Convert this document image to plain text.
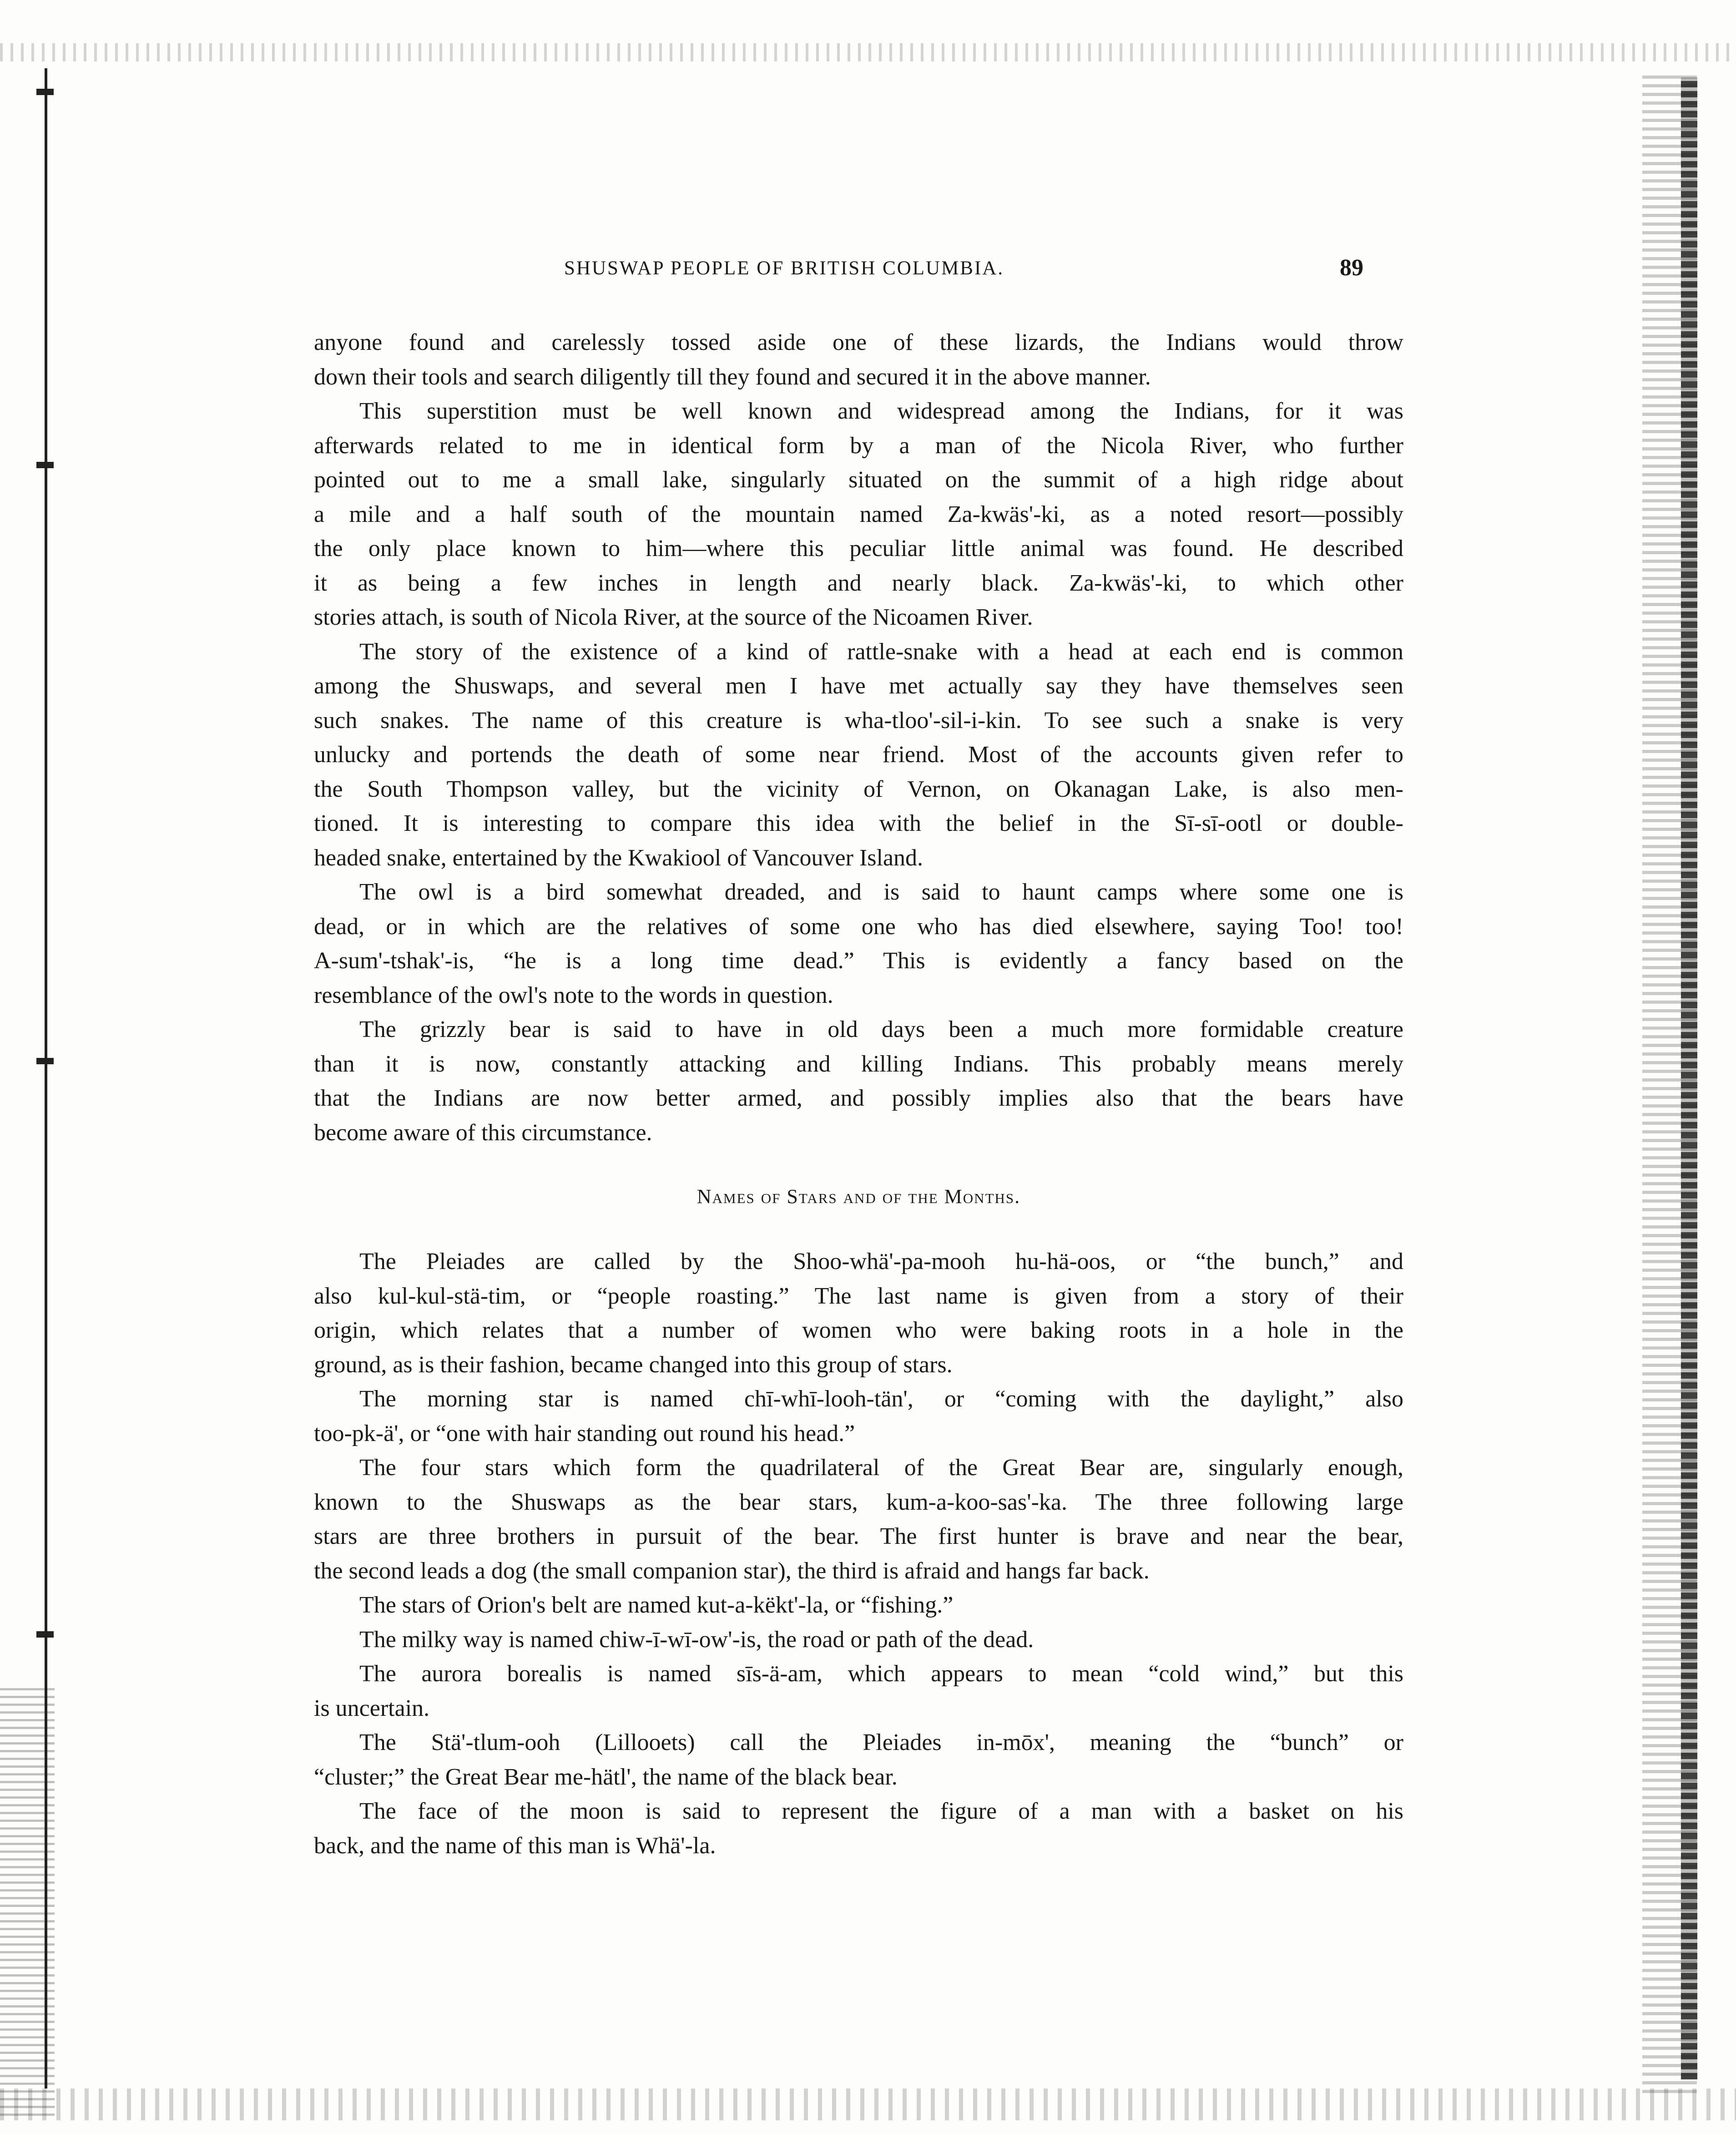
SHUSWAP PEOPLE OF BRITISH COLUMBIA.	89
anyone found and carelessly tossed aside one of these lizards, the Indians would throw
down their tools and search diligently till they found and secured it in the above manner.
This superstition must be well known and widespread among the Indians, for it was
afterwards related to me in identical form by a man of the Nicola River, who further
pointed out to me a small lake, singularly situated on the summit of a high ridge about
a mile and a half south of the mountain named Za-kwäs'-ki, as a noted resort—possibly
the only place known to him—where this peculiar little animal was found. He described
it as being a few inches in length and nearly black. Za-kwäs'-ki, to which other
stories attach, is south of Nicola River, at the source of the Nicoamen River.
The story of the existence of a kind of rattle-snake with a head at each end is common
among the Shuswaps, and several men I have met actually say they have themselves seen
such snakes. The name of this creature is wha-tloo'-sil-i-kin. To see such a snake is very
unlucky and portends the death of some near friend. Most of the accounts given refer to
the South Thompson valley, but the vicinity of Vernon, on Okanagan Lake, is also men-
tioned. It is interesting to compare this idea with the belief in the Sī-sī-ootl or double-
headed snake, entertained by the Kwakiool of Vancouver Island.
The owl is a bird somewhat dreaded, and is said to haunt camps where some one is
dead, or in which are the relatives of some one who has died elsewhere, saying Too! too!
A-sum'-tshak'-is, “he is a long time dead.” This is evidently a fancy based on the
resemblance of the owl's note to the words in question.
The grizzly bear is said to have in old days been a much more formidable creature
than it is now, constantly attacking and killing Indians. This probably means merely
that the Indians are now better armed, and possibly implies also that the bears have
become aware of this circumstance.
Names of Stars and of the Months.
The Pleiades are called by the Shoo-whä'-pa-mooh hu-hä-oos, or “the bunch,” and
also kul-kul-stä-tim, or “people roasting.” The last name is given from a story of their
origin, which relates that a number of women who were baking roots in a hole in the
ground, as is their fashion, became changed into this group of stars.
The morning star is named chī-whī-looh-tän', or “coming with the daylight,” also
too-pk-ä', or “one with hair standing out round his head.”
The four stars which form the quadrilateral of the Great Bear are, singularly enough,
known to the Shuswaps as the bear stars, kum-a-koo-sas'-ka. The three following large
stars are three brothers in pursuit of the bear. The first hunter is brave and near the bear,
the second leads a dog (the small companion star), the third is afraid and hangs far back.
The stars of Orion's belt are named kut-a-këkt'-la, or “fishing.”
The milky way is named chiw-ī-wī-ow'-is, the road or path of the dead.
The aurora borealis is named sīs-ä-am, which appears to mean “cold wind,” but this
is uncertain.
The Stä'-tlum-ooh (Lillooets) call the Pleiades in-mōx', meaning the “bunch” or
“cluster;” the Great Bear me-hätl', the name of the black bear.
The face of the moon is said to represent the figure of a man with a basket on his
back, and the name of this man is Whä'-la.
